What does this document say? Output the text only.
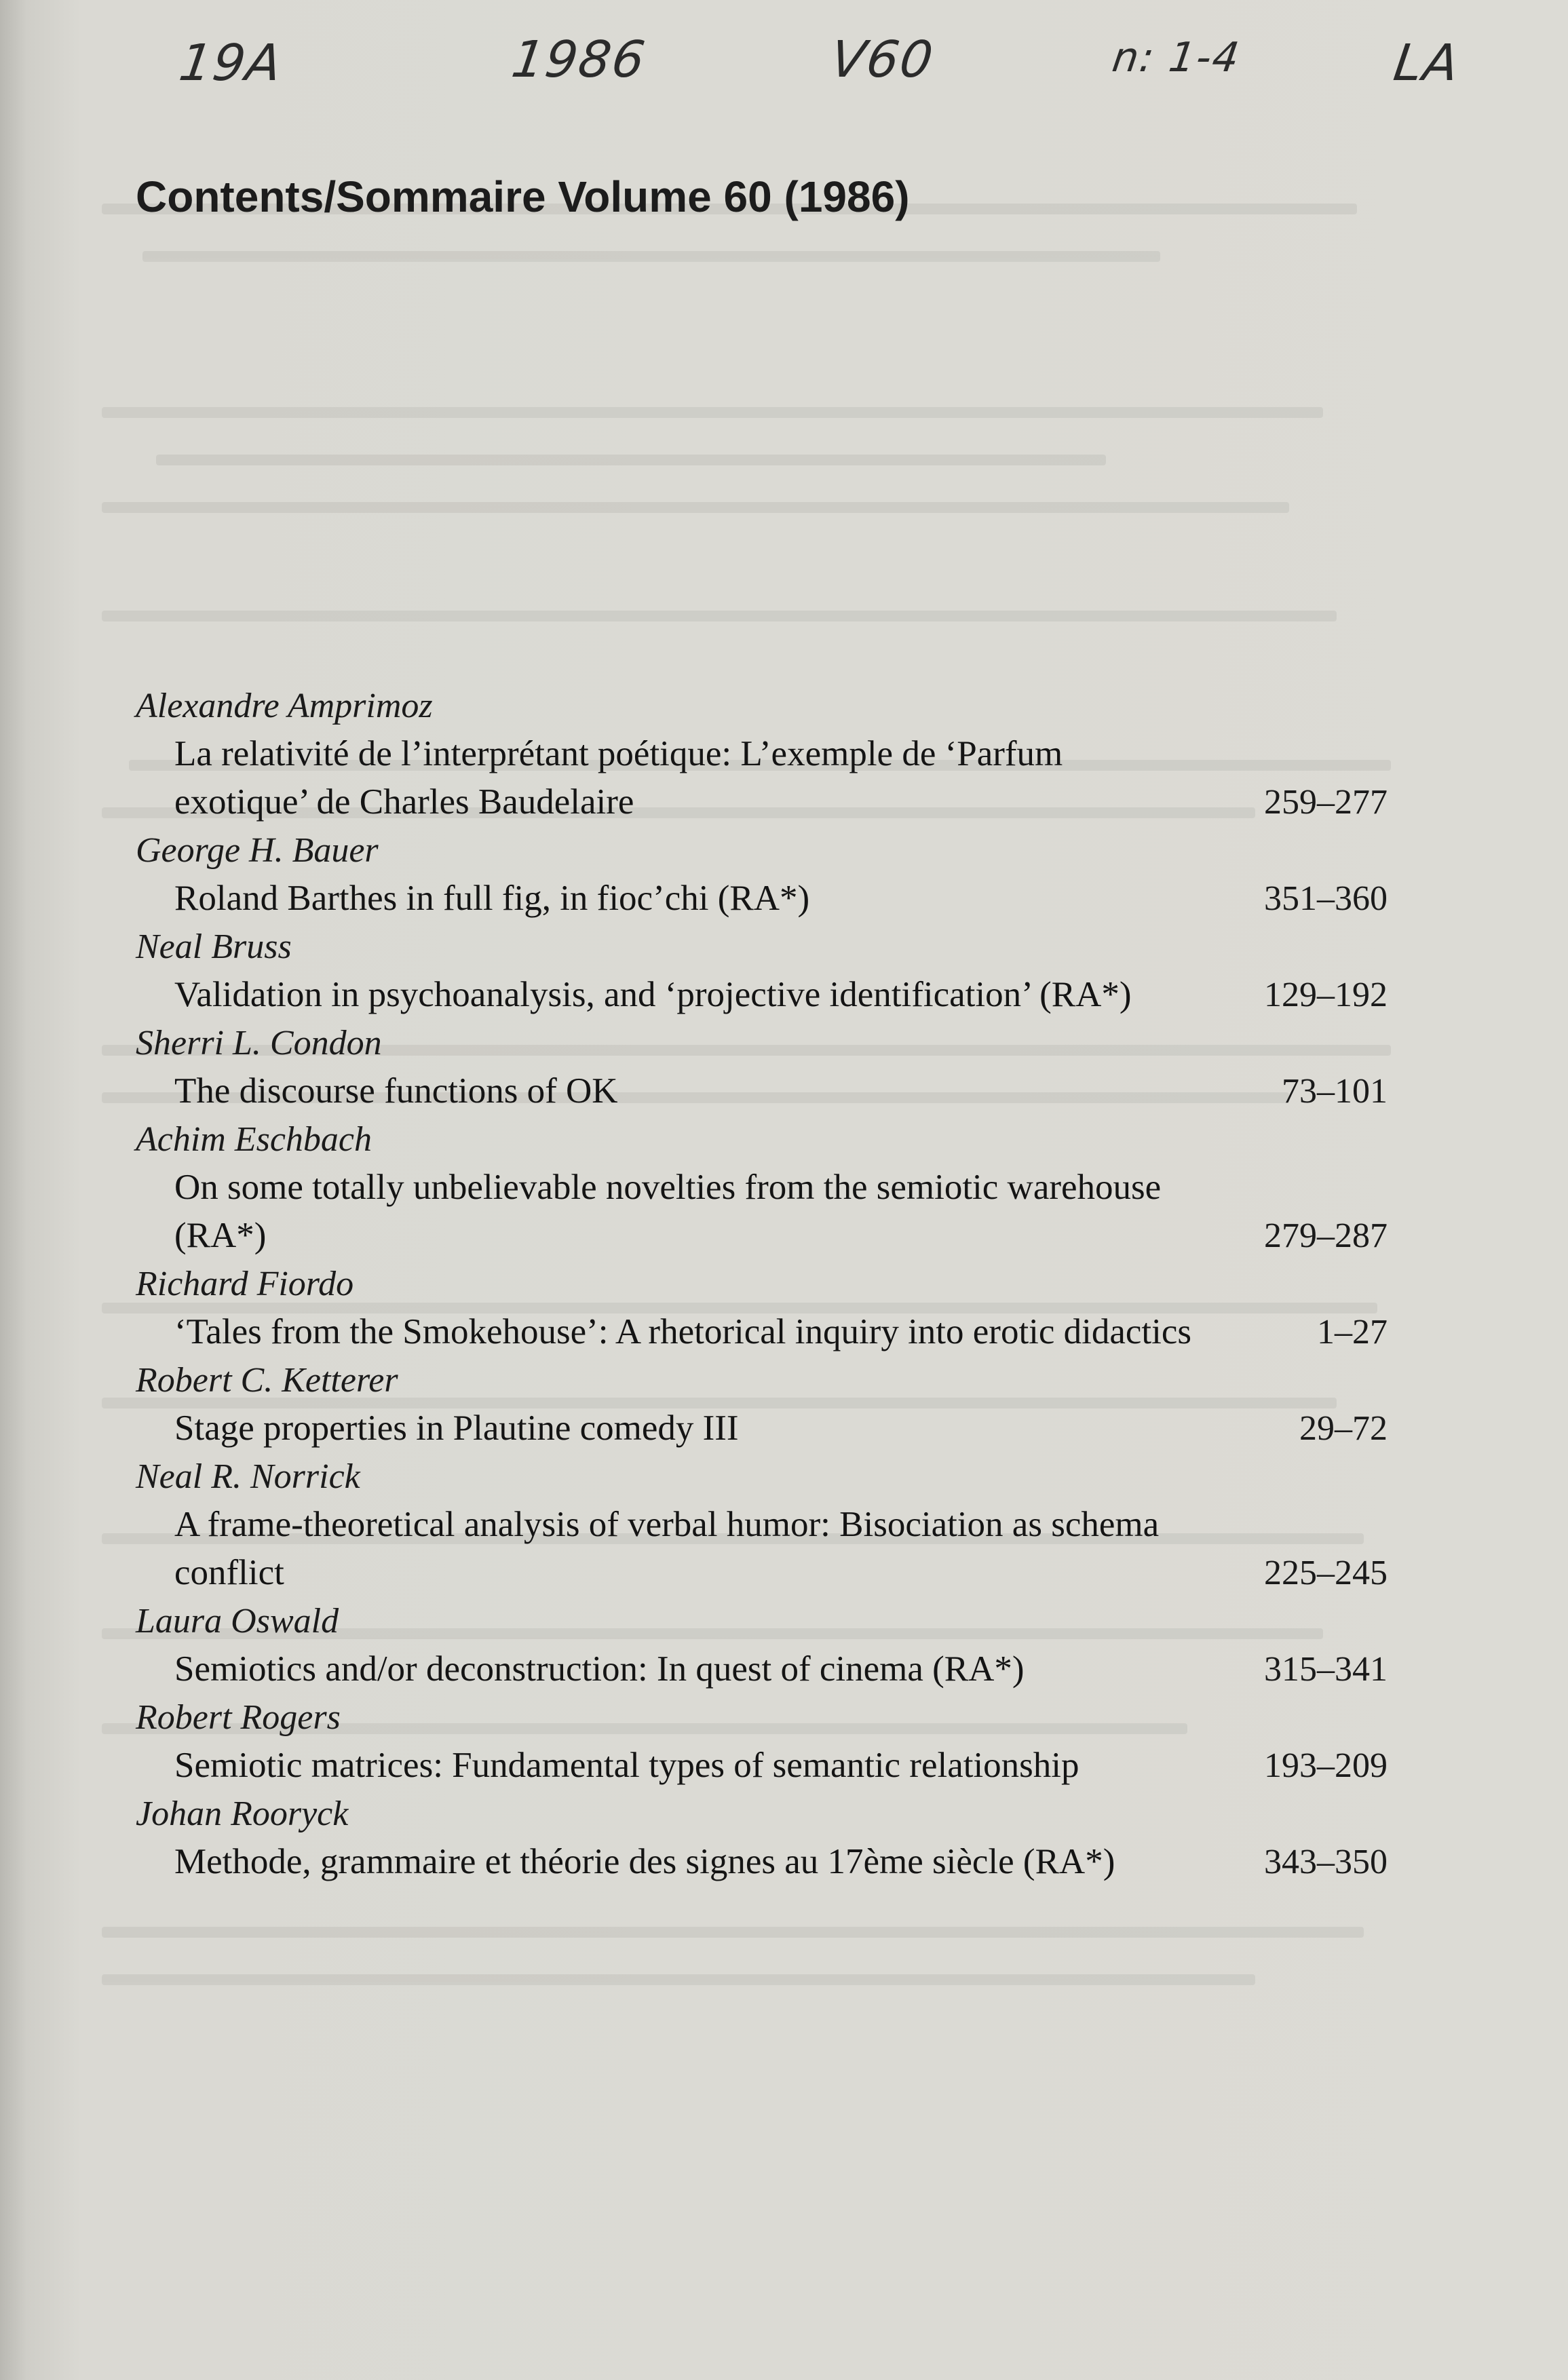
19A	1986	V60	n: 1-4	LA
Contents/Sommaire Volume 60 (1986)
Alexandre Amprimoz
La relativité de l’interprétant poétique: L’exemple de ‘Parfum exotique’ de Charles Baudelaire	259–277
George H. Bauer
Roland Barthes in full fig, in fioc’chi (RA*)	351–360
Neal Bruss
Validation in psychoanalysis, and ‘projective identification’ (RA*)	129–192
Sherri L. Condon
The discourse functions of OK	73–101
Achim Eschbach
On some totally unbelievable novelties from the semiotic warehouse (RA*)	279–287
Richard Fiordo
‘Tales from the Smokehouse’: A rhetorical inquiry into erotic didactics	1–27
Robert C. Ketterer
Stage properties in Plautine comedy III	29–72
Neal R. Norrick
A frame-theoretical analysis of verbal humor: Bisociation as schema conflict	225–245
Laura Oswald
Semiotics and/or deconstruction: In quest of cinema (RA*)	315–341
Robert Rogers
Semiotic matrices: Fundamental types of semantic relationship	193–209
Johan Rooryck
Methode, grammaire et théorie des signes au 17ème siècle (RA*)	343–350
